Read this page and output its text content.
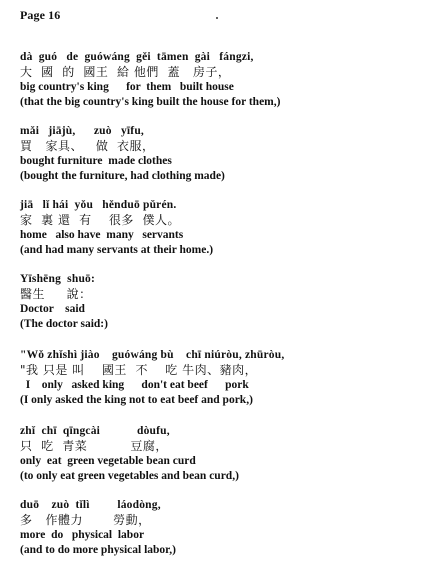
Page 16
dà  guó   de  guówáng  gěi  tāmen  gài   fángzi,
大  國  的  國王  給 他們  蓋   房子，
big country's king      for  them   built house
(that the big country's king built the house for them,)
mǎi   jiājù,      zuò   yīfu,
買   家具、   做  衣服，
bought furniture  made clothes
(bought the furniture, had clothing made)
jiā   lǐ hái  yǒu   hěnduō pǔrén.
家  裏 還  有    很多  僕人。
home   also have  many   servants
(and had many servants at their home.)
Yīshēng  shuō:
醫生     說：
Doctor    said
(The doctor said:)
"Wǒ zhǐshì jiào    guówáng bù    chī niúròu, zhūròu,
"我 只是 叫    國王  不    吃 牛肉、豬肉，
I    only   asked king      don't eat beef      pork
(I only asked the king not to eat beef and pork,)
zhǐ  chī  qīngcài            dòufu,
只  吃  青菜          豆腐，
only  eat  green vegetable bean curd
(to only eat green vegetables and bean curd,)
duō    zuò  tǐlì         láodòng,
多   作體力       勞動，
more  do   physical  labor
(and to do more physical labor,)
